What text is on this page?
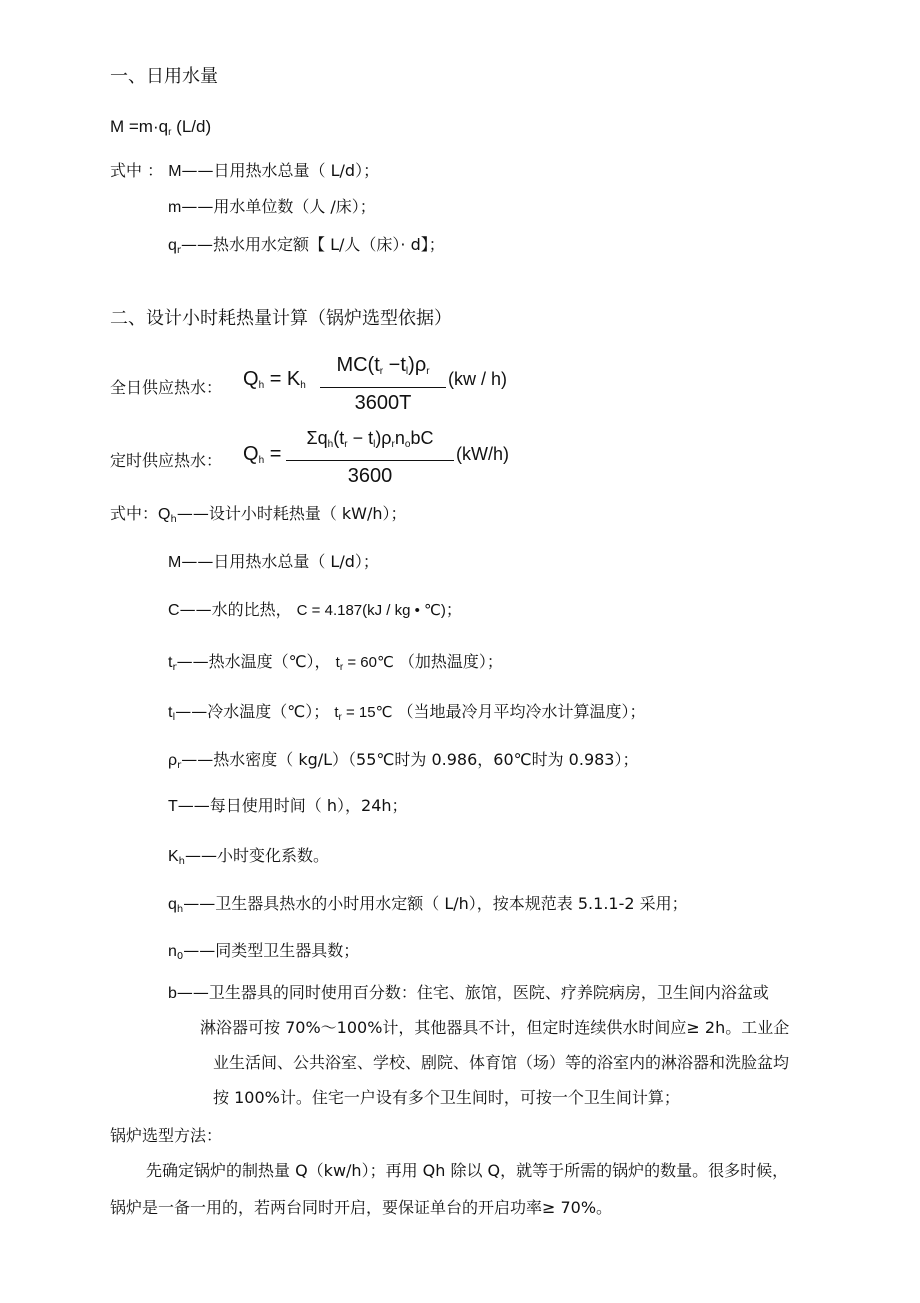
一、日用水量
$M =m\cdot q_r$ (L/d)
式中 ： M——日用热水总量（ L/d）；
m——用水单位数（人 /床）；
$q_r——$热水用水定额【 L/人（床）· d】；
二、设计小时耗热量计算（锅炉选型依据）
全日供应热水： $Q_h = K_h$
$MC(t_r -t_l)\rho_r$
3600T
(kw / h)
定时供应热水： $Q_h$ =
$\Sigma q_h(t_r - t_l)\rho_rn_obC$
3600
(kW/h)
式中：$Q_h——$设计小时耗热量（ kW/h）；
M——日用热水总量（ L/d）；
C——水的比热， C = 4.187(kJ / kg • ℃)；
$t_r——$热水温度（℃）， $t_r$ = 60℃ （加热温度）；
$t_l——$冷水温度（℃）； $t_r$ = 15℃ （当地最冷月平均冷水计算温度）；
$\rho_r——$热水密度（ kg/L）（55℃时为 0.986，60℃时为 0.983）；
T——每日使用时间（ h），24h；
$K_h——$小时变化系数。
$q_h——$卫生器具热水的小时用水定额（ L/h），按本规范表 5.1.1-2 采用；
$n_0——$同类型卫生器具数；
b——卫生器具的同时使用百分数：住宅、旅馆，医院、疗养院病房，卫生间内浴盆或
淋浴器可按 70%～100%计，其他器具不计，但定时连续供水时间应≥ 2h。工业企
业生活间、公共浴室、学校、剧院、体育馆（场）等的浴室内的淋浴器和洗脸盆均
按 100%计。住宅一户设有多个卫生间时，可按一个卫生间计算；
锅炉选型方法：
先确定锅炉的制热量 Q（kw/h）；再用 Qh 除以 Q，就等于所需的锅炉的数量。很多时候，
锅炉是一备一用的，若两台同时开启，要保证单台的开启功率≥ 70%。
